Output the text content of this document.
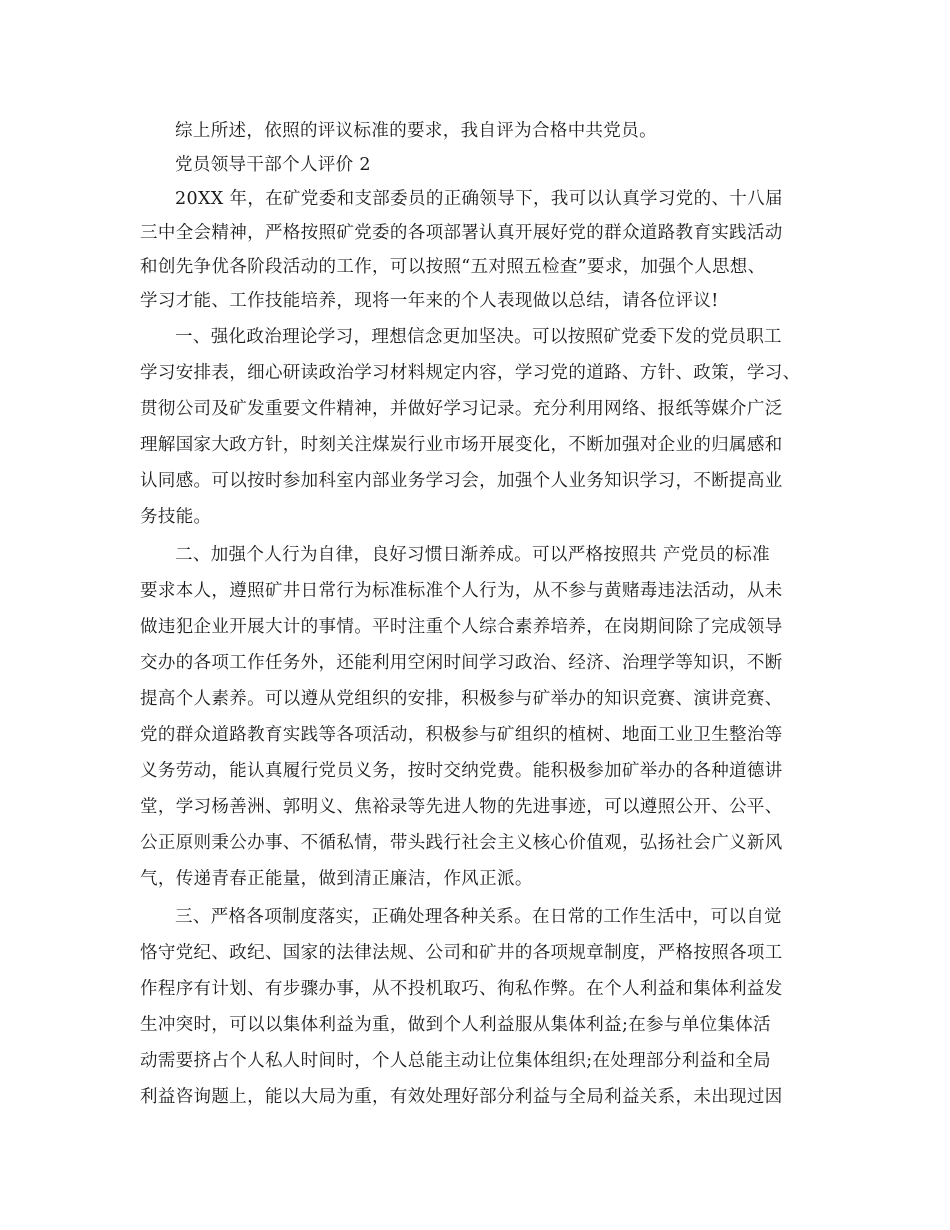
综上所述，依照的评议标准的要求，我自评为合格中共党员。
党员领导干部个人评价 2
20XX 年，在矿党委和支部委员的正确领导下，我可以认真学习党的、十八届
三中全会精神，严格按照矿党委的各项部署认真开展好党的群众道路教育实践活动
和创先争优各阶段活动的工作，可以按照“五对照五检查”要求，加强个人思想、
学习才能、工作技能培养，现将一年来的个人表现做以总结，请各位评议!
一、强化政治理论学习，理想信念更加坚决。可以按照矿党委下发的党员职工
学习安排表，细心研读政治学习材料规定内容，学习党的道路、方针、政策，学习、
贯彻公司及矿发重要文件精神，并做好学习记录。充分利用网络、报纸等媒介广泛
理解国家大政方针，时刻关注煤炭行业市场开展变化，不断加强对企业的归属感和
认同感。可以按时参加科室内部业务学习会，加强个人业务知识学习，不断提高业
务技能。
二、加强个人行为自律，良好习惯日渐养成。可以严格按照共 产党员的标准
要求本人，遵照矿井日常行为标准标准个人行为，从不参与黄赌毒违法活动，从未
做违犯企业开展大计的事情。平时注重个人综合素养培养，在岗期间除了完成领导
交办的各项工作任务外，还能利用空闲时间学习政治、经济、治理学等知识，不断
提高个人素养。可以遵从党组织的安排，积极参与矿举办的知识竞赛、演讲竞赛、
党的群众道路教育实践等各项活动，积极参与矿组织的植树、地面工业卫生整治等
义务劳动，能认真履行党员义务，按时交纳党费。能积极参加矿举办的各种道德讲
堂，学习杨善洲、郭明义、焦裕录等先进人物的先进事迹，可以遵照公开、公平、
公正原则秉公办事、不循私情，带头践行社会主义核心价值观，弘扬社会广义新风
气，传递青春正能量，做到清正廉洁，作风正派。
三、严格各项制度落实，正确处理各种关系。在日常的工作生活中，可以自觉
恪守党纪、政纪、国家的法律法规、公司和矿井的各项规章制度，严格按照各项工
作程序有计划、有步骤办事，从不投机取巧、徇私作弊。在个人利益和集体利益发
生冲突时，可以以集体利益为重，做到个人利益服从集体利益;在参与单位集体活
动需要挤占个人私人时间时，个人总能主动让位集体组织;在处理部分利益和全局
利益咨询题上，能以大局为重，有效处理好部分利益与全局利益关系，未出现过因
